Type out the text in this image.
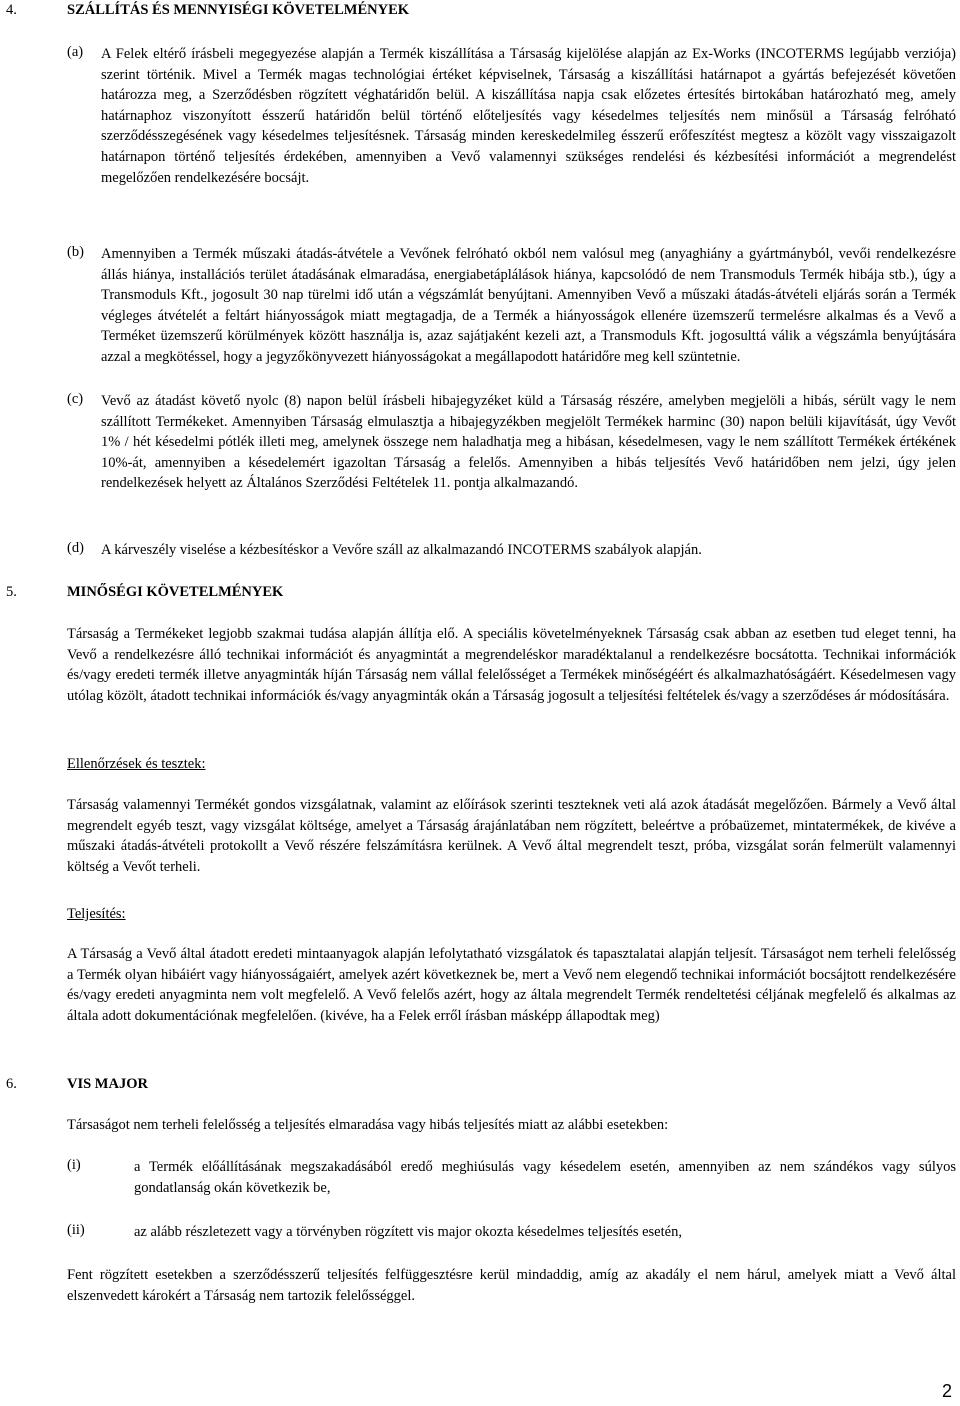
4.	SZÁLLÍTÁS ÉS MENNYISÉGI KÖVETELMÉNYEK
(a) A Felek eltérő írásbeli megegyezése alapján a Termék kiszállítása a Társaság kijelölése alapján az Ex-Works (INCOTERMS legújabb verziója) szerint történik. Mivel a Termék magas technológiai értéket képviselnek, Társaság a kiszállítási határnapot a gyártás befejezését követően határozza meg, a Szerződésben rögzített véghatáridőn belül. A kiszállítása napja csak előzetes értesítés birtokában határozható meg, amely határnaphoz viszonyított ésszerű határidőn belül történő előteljesítés vagy késedelmes teljesítés nem minősül a Társaság felróható szerződésszegésének vagy késedelmes teljesítésnek. Társaság minden kereskedelmileg ésszerű erőfeszítést megtesz a közölt vagy visszaigazolt határnapon történő teljesítés érdekében, amennyiben a Vevő valamennyi szükséges rendelési és kézbesítési információt a megrendelést megelőzően rendelkezésére bocsájt.

(b) Amennyiben a Termék műszaki átadás-átvétele a Vevőnek felróható okból nem valósul meg (anyaghiány a gyártmányból, vevői rendelkezésre állás hiánya, installációs terület átadásának elmaradása, energiabetáplálások hiánya, kapcsolódó de nem Transmoduls Termék hibája stb.), úgy a Transmoduls Kft., jogosult 30 nap türelmi idő után a végszámlát benyújtani. Amennyiben Vevő a műszaki átadás-átvételi eljárás során a Termék végleges átvételét a feltárt hiányosságok miatt megtagadja, de a Termék a hiányosságok ellenére üzemszerű termelésre alkalmas és a Vevő a Terméket üzemszerű körülmények között használja is, azaz sajátjaként kezeli azt, a Transmoduls Kft. jogosulttá válik a végszámla benyújtására azzal a megkötéssel, hogy a jegyzőkönyvezett hiányosságokat a megállapodott határidőre meg kell szüntetnie.

(c) Vevő az átadást követő nyolc (8) napon belül írásbeli hibajegyzéket küld a Társaság részére, amelyben megjelöli a hibás, sérült vagy le nem szállított Termékeket. Amennyiben Társaság elmulasztja a hibajegyzékben megjelölt Termékek harminc (30) napon belüli kijavítását, úgy Vevőt 1% / hét késedelmi pótlék illeti meg, amelynek összege nem haladhatja meg a hibásan, késedelmesen, vagy le nem szállított Termékek értékének 10%-át, amennyiben a késedelemért igazoltan Társaság a felelős. Amennyiben a hibás teljesítés Vevő határidőben nem jelzi, úgy jelen rendelkezések helyett az Általános Szerződési Feltételek 11. pontja alkalmazandó.

(d) A kárveszély viselése a kézbesítéskor a Vevőre száll az alkalmazandó INCOTERMS szabályok alapján.

5.	MINŐSÉGI KÖVETELMÉNYEK

Társaság a Termékeket legjobb szakmai tudása alapján állítja elő. A speciális követelményeknek Társaság csak abban az esetben tud eleget tenni, ha Vevő a rendelkezésre álló technikai információt és anyagmintát a megrendeléskor maradéktalanul a rendelkezésre bocsátotta. Technikai információk és/vagy eredeti termék illetve anyagminták híján Társaság nem vállal felelősséget a Termékek minőségéért és alkalmazhatóságáért. Késedelmesen vagy utólag közölt, átadott technikai információk és/vagy anyagminták okán a Társaság jogosult a teljesítési feltételek és/vagy a szerződéses ár módosítására.

Ellenőrzések és tesztek:

Társaság valamennyi Termékét gondos vizsgálatnak, valamint az előírások szerinti teszteknek veti alá azok átadását megelőzően. Bármely a Vevő által megrendelt egyéb teszt, vagy vizsgálat költsége, amelyet a Társaság árajánlatában nem rögzített, beleértve a próbaüzemet, mintatermékek, de kivéve a műszaki átadás-átvételi protokollt a Vevő részére felszámításra kerülnek. A Vevő által megrendelt teszt, próba, vizsgálat során felmerült valamennyi költség a Vevőt terheli.

Teljesítés:

A Társaság a Vevő által átadott eredeti mintaanyagok alapján lefolytatható vizsgálatok és tapasztalatai alapján teljesít. Társaságot nem terheli felelősség a Termék olyan hibáiért vagy hiányosságaiért, amelyek azért következnek be, mert a Vevő nem elegendő technikai információt bocsájtott rendelkezésére és/vagy eredeti anyagminta nem volt megfelelő. A Vevő felelős azért, hogy az általa megrendelt Termék rendeltetési céljának megfelelő és alkalmas az általa adott dokumentációnak megfelelően. (kivéve, ha a Felek erről írásban másképp állapodtak meg)

6.	VIS MAJOR

Társaságot nem terheli felelősség a teljesítés elmaradása vagy hibás teljesítés miatt az alábbi esetekben:

(i)	a Termék előállításának megszakadásából eredő meghiúsulás vagy késedelem esetén, amennyiben az nem szándékos vagy súlyos gondatlanság okán következik be,

(ii)	az alább részletezett vagy a törvényben rögzített vis major okozta késedelmes teljesítés esetén,

Fent rögzített esetekben a szerződésszerű teljesítés felfüggesztésre kerül mindaddig, amíg az akadály el nem hárul, amelyek miatt a Vevő által elszenvedett károkért a Társaság nem tartozik felelősséggel.

2
